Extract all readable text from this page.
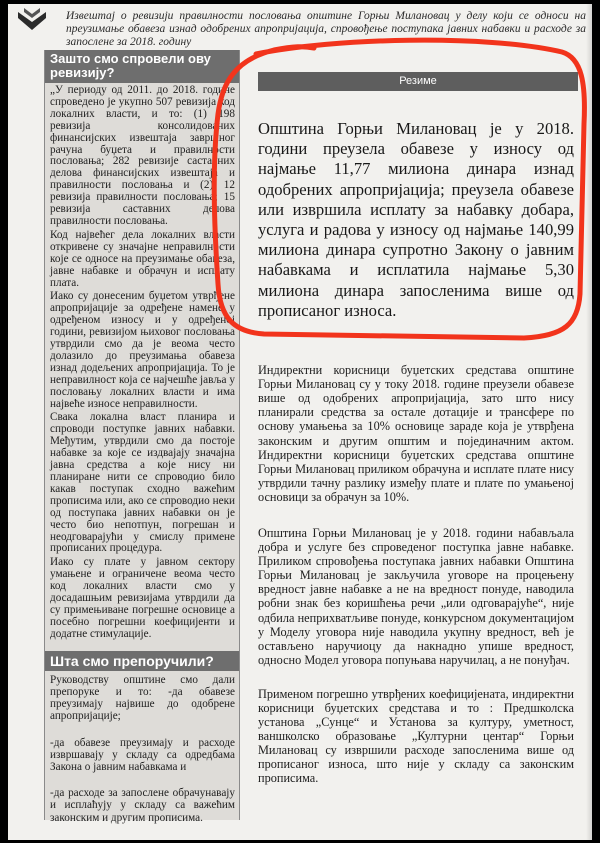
Извештај о ревизији правилности пословања општине Горњи Милановац у делу који се односи на преузимање обавеза изнад одобрених апропријација, спровођење поступака јавних набавки и расходе за запослене за 2018. годину
Зашто смо спровели ову ревизију?

„У периоду од 2011. до 2018. године спроведено је укупно 507 ревизија код локалних власти, и то: (1) 198 ревизија консолидованих финансијских извештаја завршног рачуна буџета и правилности пословања; 282 ревизије саставних делова финансијских извештаја и правилности пословања и (2) 12 ревизија правилности пословања; 15 ревизија саставних делова правилности пословања.

Код највећег дела локалних власти откривене су значајне неправилности које се односе на преузимање обавеза, јавне набавке и обрачун и исплату плата.

Иако су донесеним буџетом утврђене апропријације за одређене намене у одређеном износу и у одређеној години, ревизијом њиховог пословања утврдили смо да је веома често долазило до преузимања обавеза изнад додељених апропријација. То је неправилност која се најчешће јавља у пословању локалних власти и има највеће износе неправилности.

Свака локална власт планира и спроводи поступке јавних набавки. Међутим, утврдили смо да постоје набавке за које се издвајају значајна јавна средства а које нису ни планиране нити се спроводио било какав поступак сходно важећим прописима или, ако се спроводио неки од поступака јавних набавки он је често био непотпун, погрешан и неодговарајући у смислу примене прописаних процедура.

Иако су плате у јавном сектору умањене и ограничене веома често код локалних власти смо у досадашњим ревизијама утврдили да су примењиване погрешне основице а посебно погрешни коефицијенти и додатне стимулације.

Шта смо препоручили?

Руководству општине смо дали препоруке и то: -да обавезе преузимају највише до одобрене апропријације;

-да обавезе преузимају и расходе извршавају у складу са одредбама Закона о јавним набавкама и

-да расходе за запослене обрачунавају и исплаћују у складу са важећим законским и другим прописима.

Резиме

Општина Горњи Милановац је у 2018. години преузела обавезе у износу од најмање 11,77 милиона динара изнад одобрених апропријација; преузела обавезе или извршила исплату за набавку добара, услуга и радова у износу од најмање 140,99 милиона динара супротно Закону о јавним набавкама и исплатила најмање 5,30 милиона динара запосленима више од прописаног износа.

Индиректни корисници буџетских средстава општине Горњи Милановац су у току 2018. године преузели обавезе више од одобрених апропријација, зато што нису планирали средства за остале дотације и трансфере по основу умањења за 10% основице зараде која је утврђена законским и другим општим и појединачним актом. Индиректни корисници буџетских средстава општине Горњи Милановац приликом обрачуна и исплате плате нису утврдили тачну разлику између плате и плате по умањеној основици за обрачун за 10%.

Општина Горњи Милановац је у 2018. години набављала добра и услуге без спроведеног поступка јавне набавке. Приликом спровођења поступака јавних набавки Општина Горњи Милановац је закључила уговоре на процењену вредност јавне набавке а не на вредност понуде, наводила робни знак без коришћења речи „или одговарајуће“, није одбила неприхватљиве понуде, конкурсном документацијом у Моделу уговора није наводила укупну вредност, већ је остављено наручиоцу да накнадно упише вредност, односно Модел уговора попуњава наручилац, а не понуђач.

Применом погрешно утврђених коефицијената, индиректни корисници буџетских средстава и то : Предшколска установа „Сунце“ и Установа за културу, уметност, ваншколско образовање „Културни центар“ Горњи Милановац су извршили расходе запосленима више од прописаног износа, што није у складу са законским прописима.
